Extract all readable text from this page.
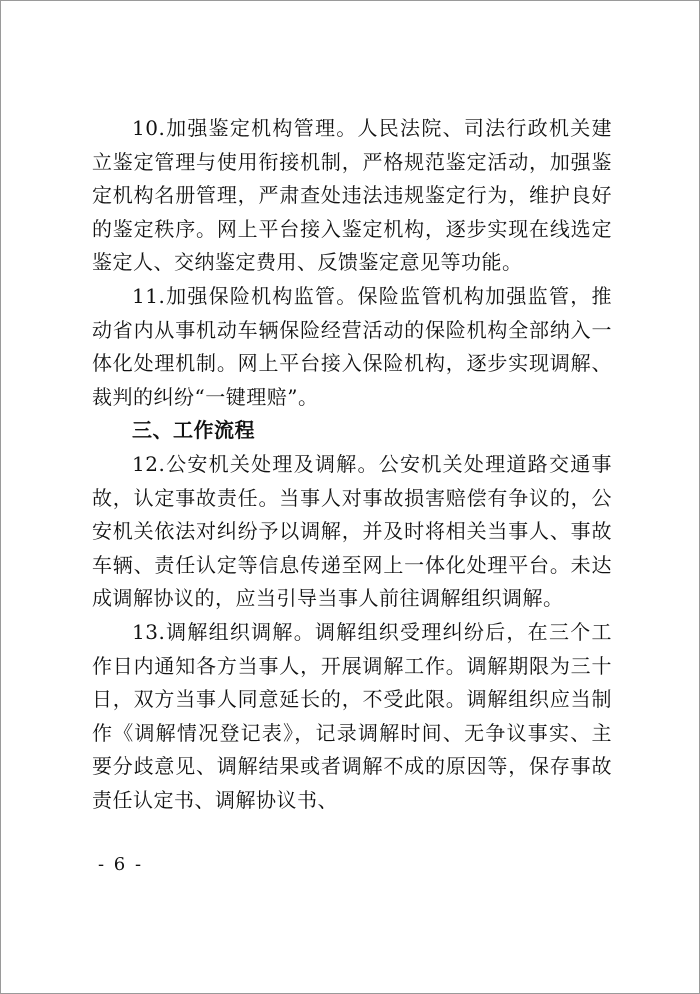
10.加强鉴定机构管理。人民法院、司法行政机关建立鉴定管理与使用衔接机制，严格规范鉴定活动，加强鉴定机构名册管理，严肃查处违法违规鉴定行为，维护良好的鉴定秩序。网上平台接入鉴定机构，逐步实现在线选定鉴定人、交纳鉴定费用、反馈鉴定意见等功能。

11.加强保险机构监管。保险监管机构加强监管，推动省内从事机动车辆保险经营活动的保险机构全部纳入一体化处理机制。网上平台接入保险机构，逐步实现调解、裁判的纠纷“一键理赔”。

三、工作流程

12.公安机关处理及调解。公安机关处理道路交通事故，认定事故责任。当事人对事故损害赔偿有争议的，公安机关依法对纠纷予以调解，并及时将相关当事人、事故车辆、责任认定等信息传递至网上一体化处理平台。未达成调解协议的，应当引导当事人前往调解组织调解。

13.调解组织调解。调解组织受理纠纷后，在三个工作日内通知各方当事人，开展调解工作。调解期限为三十日，双方当事人同意延长的，不受此限。调解组织应当制作《调解情况登记表》，记录调解时间、无争议事实、主要分歧意见、调解结果或者调解不成的原因等，保存事故责任认定书、调解协议书、

- 6 -
